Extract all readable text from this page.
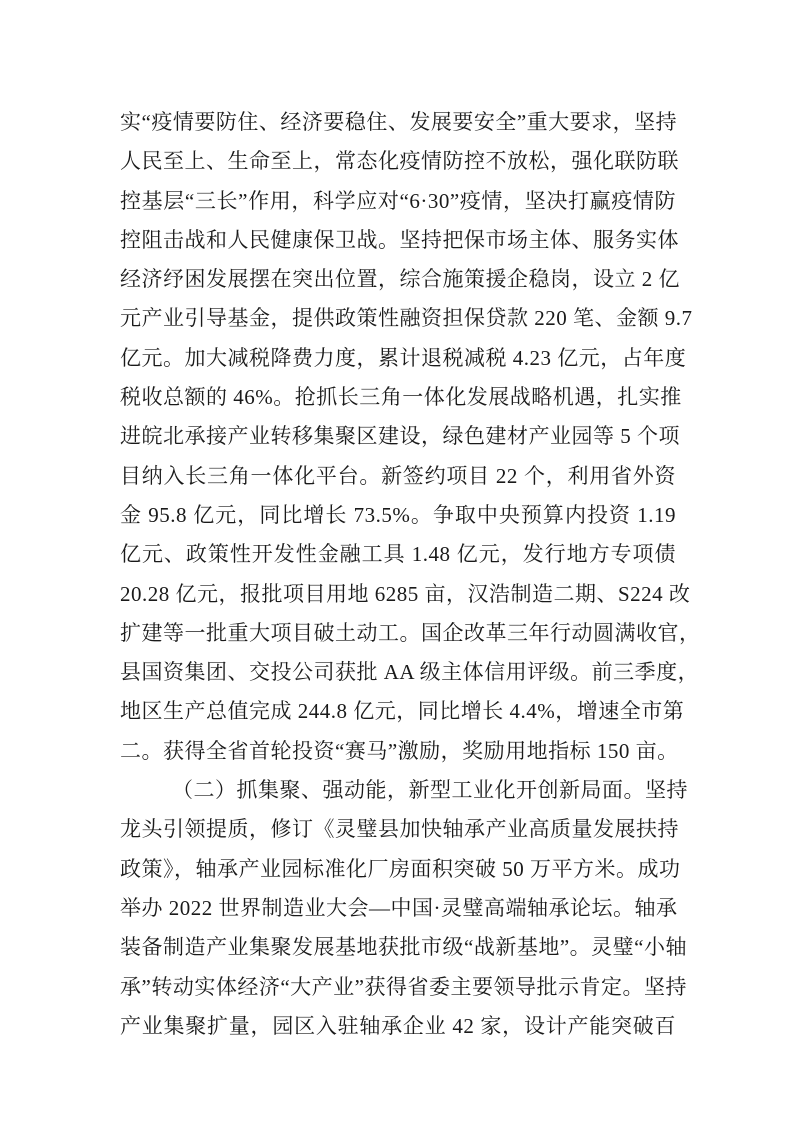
实“疫情要防住、经济要稳住、发展要安全”重大要求，坚持
人民至上、生命至上，常态化疫情防控不放松，强化联防联
控基层“三长”作用，科学应对“6·30”疫情，坚决打赢疫情防
控阻击战和人民健康保卫战。坚持把保市场主体、服务实体
经济纾困发展摆在突出位置，综合施策援企稳岗，设立 2 亿
元产业引导基金，提供政策性融资担保贷款 220 笔、金额 9.7
亿元。加大减税降费力度，累计退税减税 4.23 亿元，占年度
税收总额的 46%。抢抓长三角一体化发展战略机遇，扎实推
进皖北承接产业转移集聚区建设，绿色建材产业园等 5 个项
目纳入长三角一体化平台。新签约项目 22 个，利用省外资
金 95.8 亿元，同比增长 73.5%。争取中央预算内投资 1.19
亿元、政策性开发性金融工具 1.48 亿元，发行地方专项债
20.28 亿元，报批项目用地 6285 亩，汉浩制造二期、S224 改
扩建等一批重大项目破土动工。国企改革三年行动圆满收官，
县国资集团、交投公司获批 AA 级主体信用评级。前三季度，
地区生产总值完成 244.8 亿元，同比增长 4.4%，增速全市第
二。获得全省首轮投资“赛马”激励，奖励用地指标 150 亩。
（二）抓集聚、强动能，新型工业化开创新局面。坚持
龙头引领提质，修订《灵璧县加快轴承产业高质量发展扶持
政策》，轴承产业园标准化厂房面积突破 50 万平方米。成功
举办 2022 世界制造业大会—中国·灵璧高端轴承论坛。轴承
装备制造产业集聚发展基地获批市级“战新基地”。灵璧“小轴
承”转动实体经济“大产业”获得省委主要领导批示肯定。坚持
产业集聚扩量，园区入驻轴承企业 42 家，设计产能突破百
